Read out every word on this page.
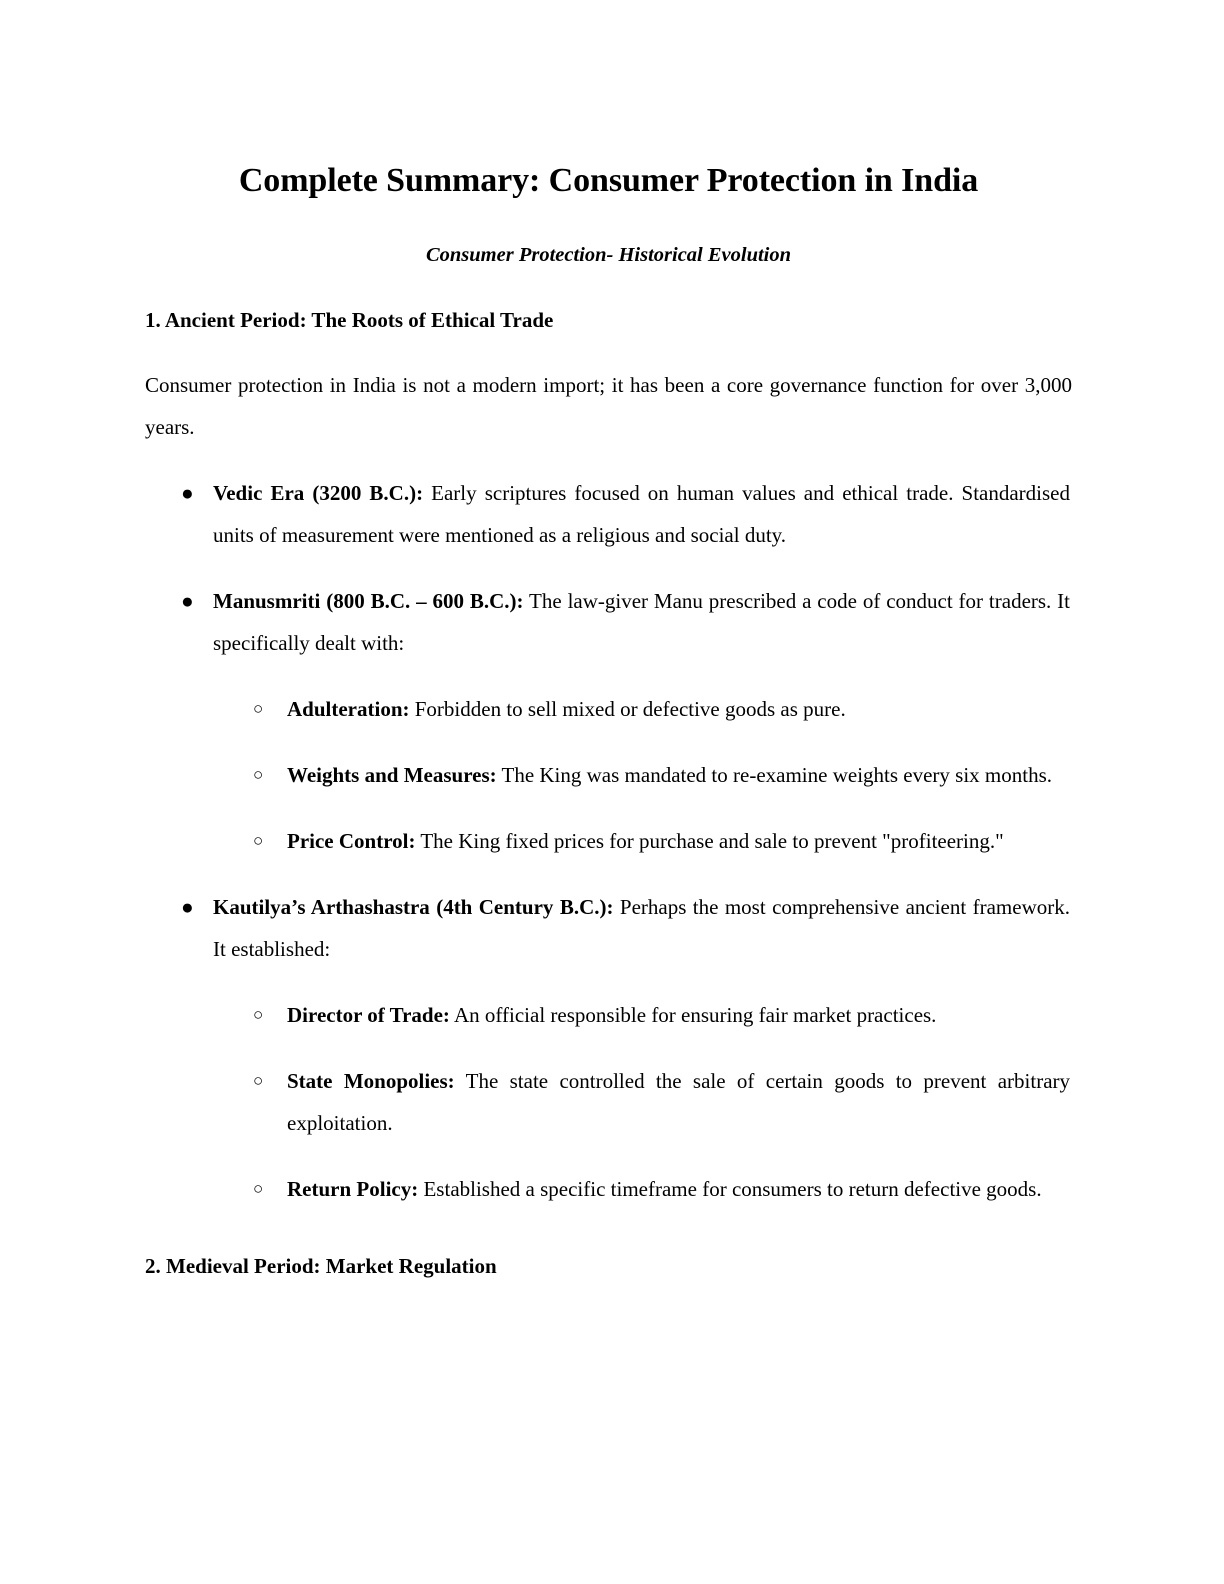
Complete Summary: Consumer Protection in India
Consumer Protection- Historical Evolution
1. Ancient Period: The Roots of Ethical Trade

Consumer protection in India is not a modern import; it has been a core governance function for over 3,000 years.

● Vedic Era (3200 B.C.): Early scriptures focused on human values and ethical trade. Standardised units of measurement were mentioned as a religious and social duty.
● Manusmriti (800 B.C. – 600 B.C.): The law-giver Manu prescribed a code of conduct for traders. It specifically dealt with:
○ Adulteration: Forbidden to sell mixed or defective goods as pure.
○ Weights and Measures: The King was mandated to re-examine weights every six months.
○ Price Control: The King fixed prices for purchase and sale to prevent "profiteering."
● Kautilya’s Arthashastra (4th Century B.C.): Perhaps the most comprehensive ancient framework. It established:
○ Director of Trade: An official responsible for ensuring fair market practices.
○ State Monopolies: The state controlled the sale of certain goods to prevent arbitrary exploitation.
○ Return Policy: Established a specific timeframe for consumers to return defective goods.
2. Medieval Period: Market Regulation
